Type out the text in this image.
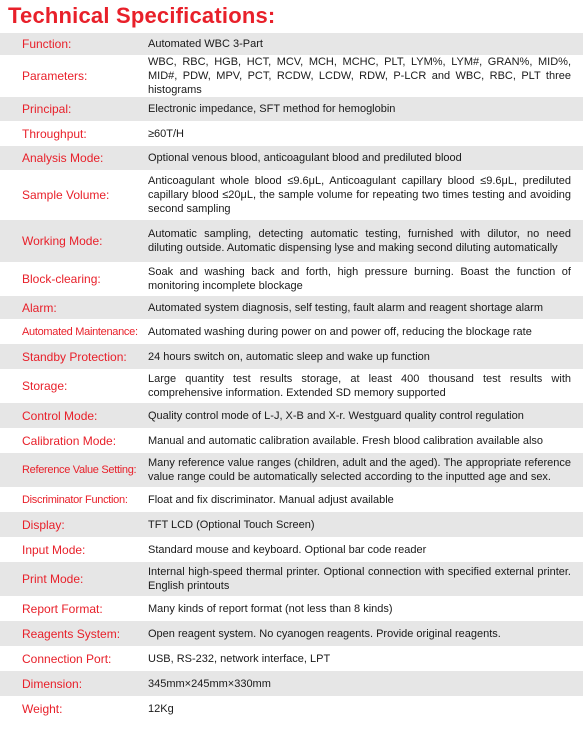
Technical Specifications:
Function:	Automated WBC 3-Part
Parameters:
WBC, RBC, HGB, HCT, MCV, MCH, MCHC, PLT, LYM%, LYM#, GRAN%, MID%, MID#, PDW, MPV, PCT, RCDW, LCDW, RDW, P-LCR and WBC, RBC, PLT three histograms
Principal:	Electronic impedance, SFT method for hemoglobin
Throughput:	≥60T/H
Analysis Mode:	Optional venous blood, anticoagulant blood and prediluted blood
Sample Volume:
Anticoagulant whole blood ≤9.6μL, Anticoagulant capillary blood ≤9.6μL, prediluted capillary blood ≤20μL, the sample volume for repeating two times testing and avoiding second sampling
Working Mode:	Automatic sampling, detecting automatic testing, furnished with dilutor, no need diluting outside. Automatic dispensing lyse and making second diluting automatically
Block-clearing:	Soak and washing back and forth, high pressure burning. Boast the function of monitoring incomplete blockage
Alarm:	Automated system diagnosis, self testing, fault alarm and reagent shortage alarm
Automated Maintenance: Automated washing during power on and power off, reducing the blockage rate
Standby Protection:	24 hours switch on, automatic sleep and wake up function
Storage:	Large quantity test results storage, at least 400 thousand test results with comprehensive information. Extended SD memory supported
Control Mode:	Quality control mode of L-J, X-B and X-r. Westguard quality control regulation
Calibration Mode:	Manual and automatic calibration available. Fresh blood calibration available also
Reference Value Setting:
Many reference value ranges (children, adult and the aged). The appropriate reference value range could be automatically selected according to the inputted age and sex.
Discriminator Function:	Float and fix discriminator. Manual adjust available
Display:	TFT LCD (Optional Touch Screen)
Input Mode:	Standard mouse and keyboard. Optional bar code reader
Print Mode:	Internal high-speed thermal printer. Optional connection with specified external printer. English printouts
Report Format:	Many kinds of report format (not less than 8 kinds)
Reagents System:	Open reagent system. No cyanogen reagents. Provide original reagents.
Connection Port:	USB, RS-232, network interface, LPT
Dimension:	345mm×245mm×330mm
Weight:	12Kg
